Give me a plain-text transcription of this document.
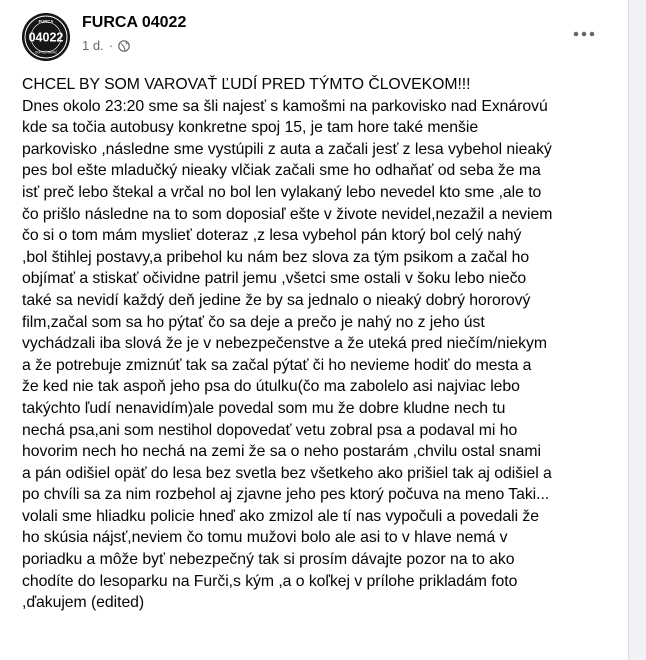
FURCA
04022
ODPOČÍTAVAČ
FURCA 04022
1 d. ·
CHCEL BY SOM VAROVAŤ ĽUDÍ PRED TÝMTO ČLOVEKOM!!!
Dnes okolo 23:20 sme sa šli najesť s kamošmi na parkovisko nad Exnárovú
kde sa točia autobusy konkretne spoj 15, je tam hore také menšie
parkovisko ,následne sme vystúpili z auta a začali jesť z lesa vybehol nieaký
pes bol ešte mladučký nieaky vlčiak začali sme ho odhaňať od seba že ma
isť preč lebo štekal a vrčal no bol len vylakaný lebo nevedel kto sme ,ale to
čo prišlo následne na to som doposiaľ ešte v živote nevidel,nezažil a neviem
čo si o tom mám myslieť doteraz ,z lesa vybehol pán ktorý bol celý nahý
,bol štihlej postavy,a pribehol ku nám bez slova za tým psikom a začal ho
objímať a stiskať očividne patril jemu ,všetci sme ostali v šoku lebo niečo
také sa nevidí každý deň jedine že by sa jednalo o nieaký dobrý hororový
film,začal som sa ho pýtať čo sa deje a prečo je nahý no z jeho úst
vychádzali iba slová že je v nebezpečenstve a že uteká pred niečím/niekym
a že potrebuje zmiznúť tak sa začal pýtať či ho nevieme hodiť do mesta a
že ked nie tak aspoň jeho psa do útulku(čo ma zabolelo asi najviac lebo
takýchto ľudí nenavidím)ale povedal som mu že dobre kludne nech tu
nechá psa,ani som nestihol dopovedať vetu zobral psa a podaval mi ho
hovorim nech ho nechá na zemi že sa o neho postarám ,chvilu ostal snami
a pán odišiel opäť do lesa bez svetla bez všetkeho ako prišiel tak aj odišiel a
po chvíli sa za nim rozbehol aj zjavne jeho pes ktorý počuva na meno Taki...
volali sme hliadku policie hneď ako zmizol ale tí nas vypočuli a povedali že
ho skúsia nájsť,neviem čo tomu mužovi bolo ale asi to v hlave nemá v
poriadku a môže byť nebezpečný tak si prosím dávajte pozor na to ako
chodíte do lesoparku na Furči,s kým ,a o koľkej v prílohe prikladám foto
,ďakujem (edited)
